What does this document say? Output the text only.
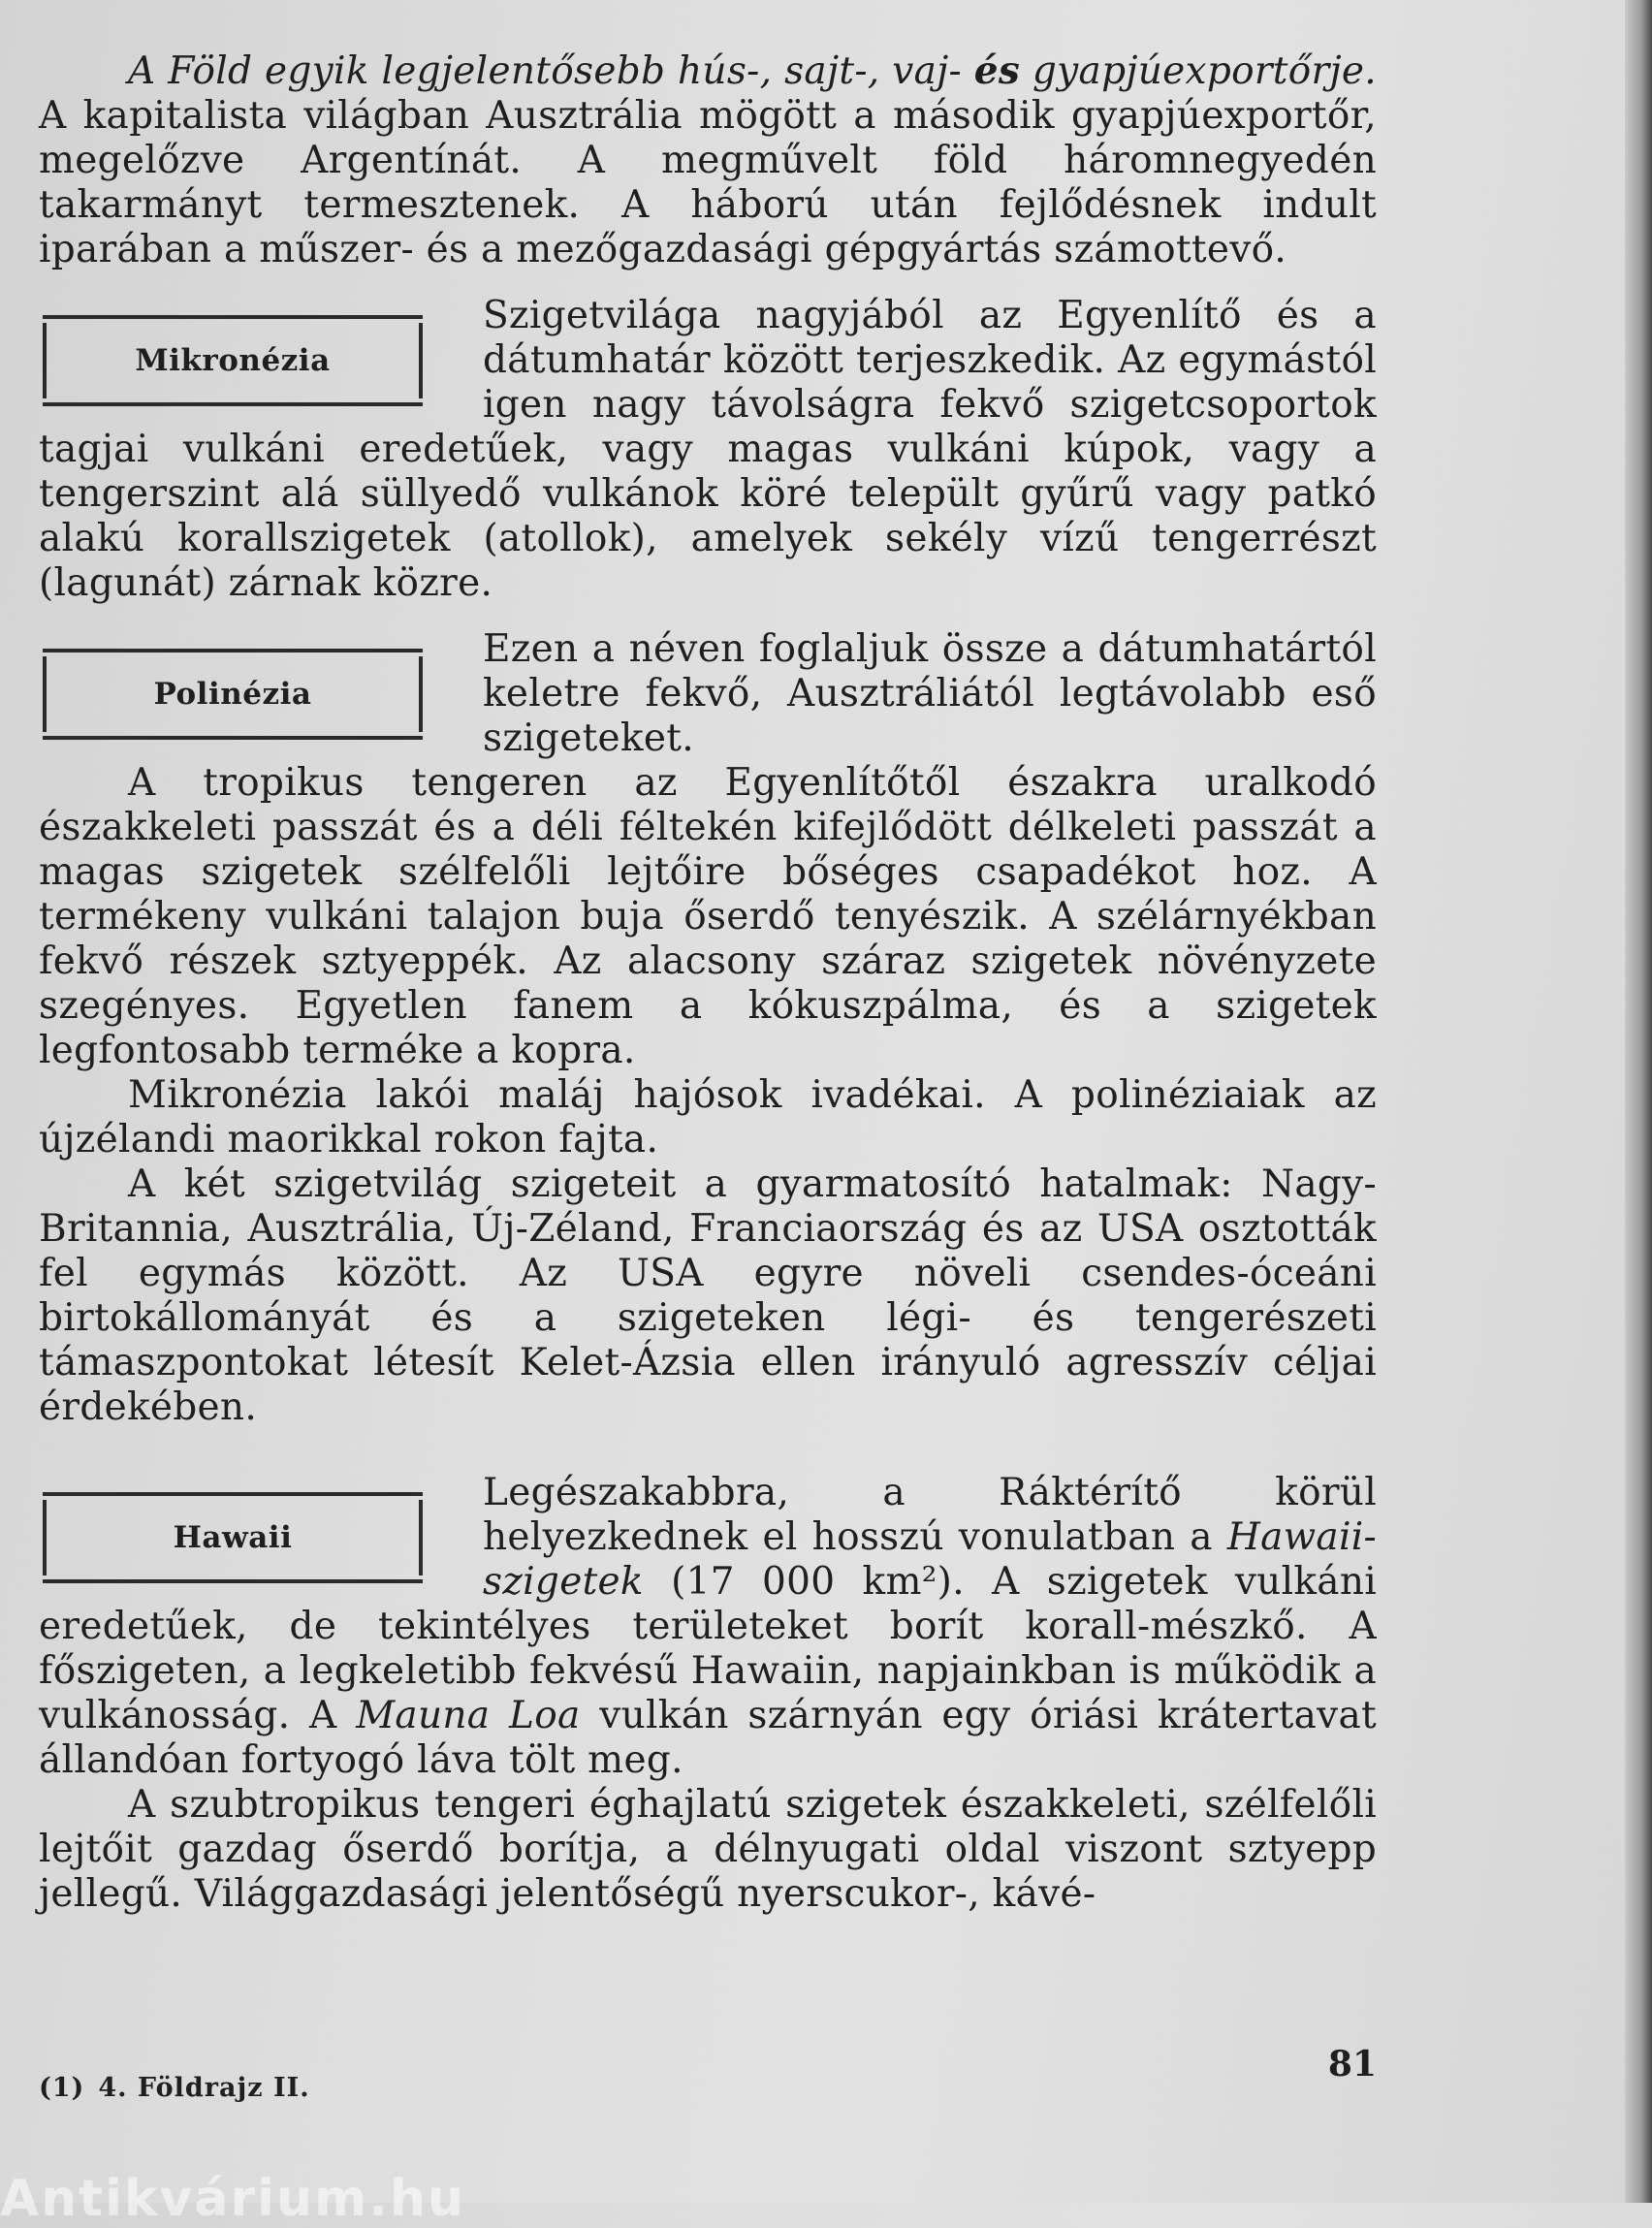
A Föld egyik legjelentősebb hús-, sajt-, vaj- és gyapjúexportőrje. A kapitalista világban Ausztrália mögött a második gyapjúexportőr, megelőzve Argentínát. A megművelt föld háromnegyedén takarmányt termesztenek. A háború után fejlődésnek indult iparában a műszer- és a mezőgazdasági gépgyártás számottevő.

Mikronézia

Szigetvilága nagyjából az Egyenlítő és a dátumhatár között terjeszkedik. Az egymástól igen nagy távolságra fekvő szigetcsoportok tagjai vulkáni eredetűek, vagy magas vulkáni kúpok, vagy a tengerszint alá süllyedő vulkánok köré települt gyűrű vagy patkó alakú korallszigetek (atollok), amelyek sekély vízű tengerrészt (lagunát) zárnak közre.

Polinézia

Ezen a néven foglaljuk össze a dátumhatártól keletre fekvő, Ausztráliától legtávolabb eső szigeteket.

A tropikus tengeren az Egyenlítőtől északra uralkodó északkeleti passzát és a déli féltekén kifejlődött délkeleti passzát a magas szigetek szélfelőli lejtőire bőséges csapadékot hoz. A termékeny vulkáni talajon buja őserdő tenyészik. A szélárnyékban fekvő részek sztyeppék. Az alacsony száraz szigetek növényzete szegényes. Egyetlen fanem a kókuszpálma, és a szigetek legfontosabb terméke a kopra.

Mikronézia lakói maláj hajósok ivadékai. A polinéziaiak az újzélandi maorikkal rokon fajta.

A két szigetvilág szigeteit a gyarmatosító hatalmak: Nagy-Britannia, Ausztrália, Új-Zéland, Franciaország és az USA osztották fel egymás között. Az USA egyre növeli csendes-óceáni birtokállományát és a szigeteken légi- és tengerészeti támaszpontokat létesít Kelet-Ázsia ellen irányuló agresszív céljai érdekében.

Hawaii

Legészakabbra, a Ráktérítő körül helyezkednek el hosszú vonulatban a Hawaii-szigetek (17 000 km²). A szigetek vulkáni eredetűek, de tekintélyes területeket borít korall-mészkő. A főszigeten, a legkeletibb fekvésű Hawaiin, napjainkban is működik a vulkánosság. A Mauna Loa vulkán szárnyán egy óriási krátertavat állandóan fortyogó láva tölt meg.

A szubtropikus tengeri éghajlatú szigetek északkeleti, szélfelőli lejtőit gazdag őserdő borítja, a délnyugati oldal viszont sztyepp jellegű. Világgazdasági jelentőségű nyerscukor-, kávé-

(1) 4. Földrajz II.
81
Antikvárium.hu
